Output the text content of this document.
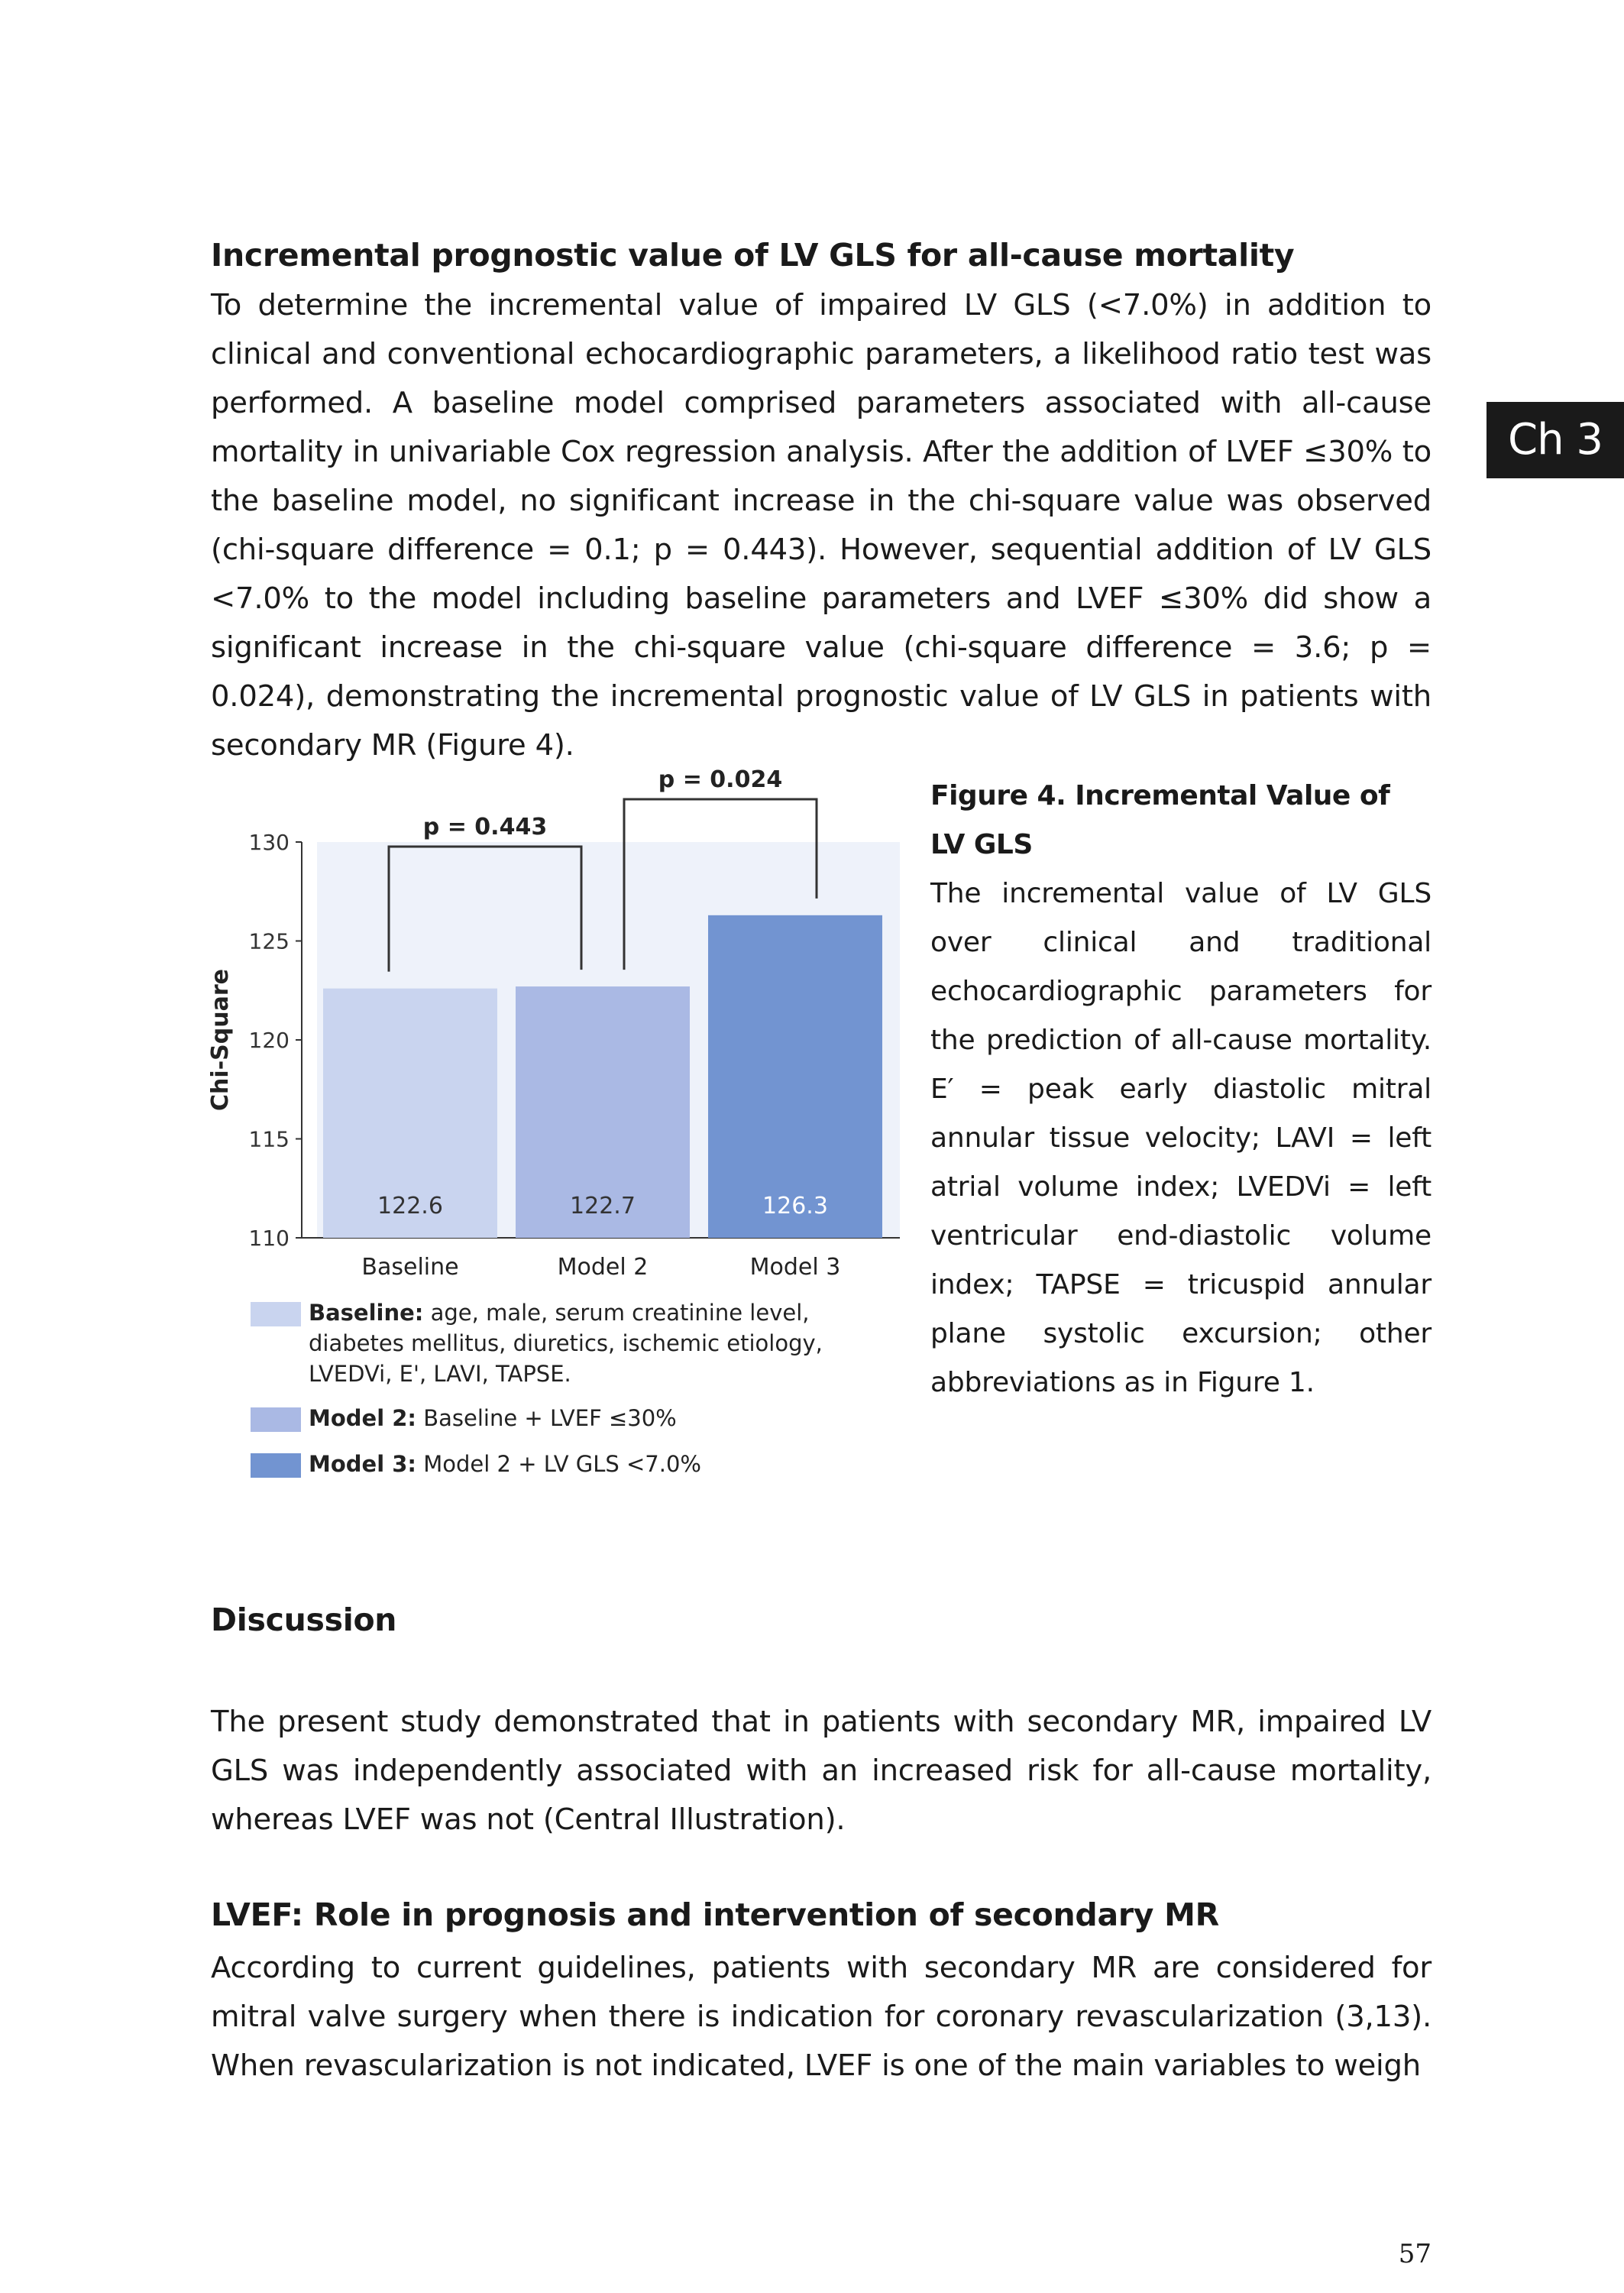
Incremental prognostic value of LV GLS for all-cause mortality

To determine the incremental value of impaired LV GLS (<7.0%) in addition to clinical and conventional echocardiographic parameters, a likelihood ratio test was performed. A baseline model comprised parameters associated with all-cause mortality in univariable Cox regression analysis. After the addition of LVEF ≤30% to the baseline model, no significant increase in the chi-square value was observed (chi-square difference = 0.1; p = 0.443). However, sequential addition of LV GLS <7.0% to the model including baseline parameters and LVEF ≤30% did show a significant increase in the chi-square value (chi-square difference = 3.6; p = 0.024), demonstrating the incremental prognostic value of LV GLS in patients with secondary MR (Figure 4).

Ch 3
110
115
120
125
130
Chi-Square
122.6
Baseline
122.7
Model 2
126.3
Model 3
p = 0.443
p = 0.024
Baseline: age, male, serum creatinine level, diabetes mellitus, diuretics, ischemic etiology, LVEDVi, E', LAVI, TAPSE.
Model 2: Baseline + LVEF ≤30%
Model 3: Model 2 + LV GLS <7.0%

Figure 4. Incremental Value of LV GLS

The incremental value of LV GLS over clinical and traditional echocardiographic parameters for the prediction of all-cause mortality. E′ = peak early diastolic mitral annular tissue velocity; LAVI = left atrial volume index; LVEDVi = left ventricular end-diastolic volume index; TAPSE = tricuspid annular plane systolic excursion; other abbreviations as in Figure 1.

Discussion

The present study demonstrated that in patients with secondary MR, impaired LV GLS was independently associated with an increased risk for all-cause mortality, whereas LVEF was not (Central Illustration).

LVEF: Role in prognosis and intervention of secondary MR

According to current guidelines, patients with secondary MR are considered for mitral valve surgery when there is indication for coronary revascularization (3,13). When revascularization is not indicated, LVEF is one of the main variables to weigh

57
